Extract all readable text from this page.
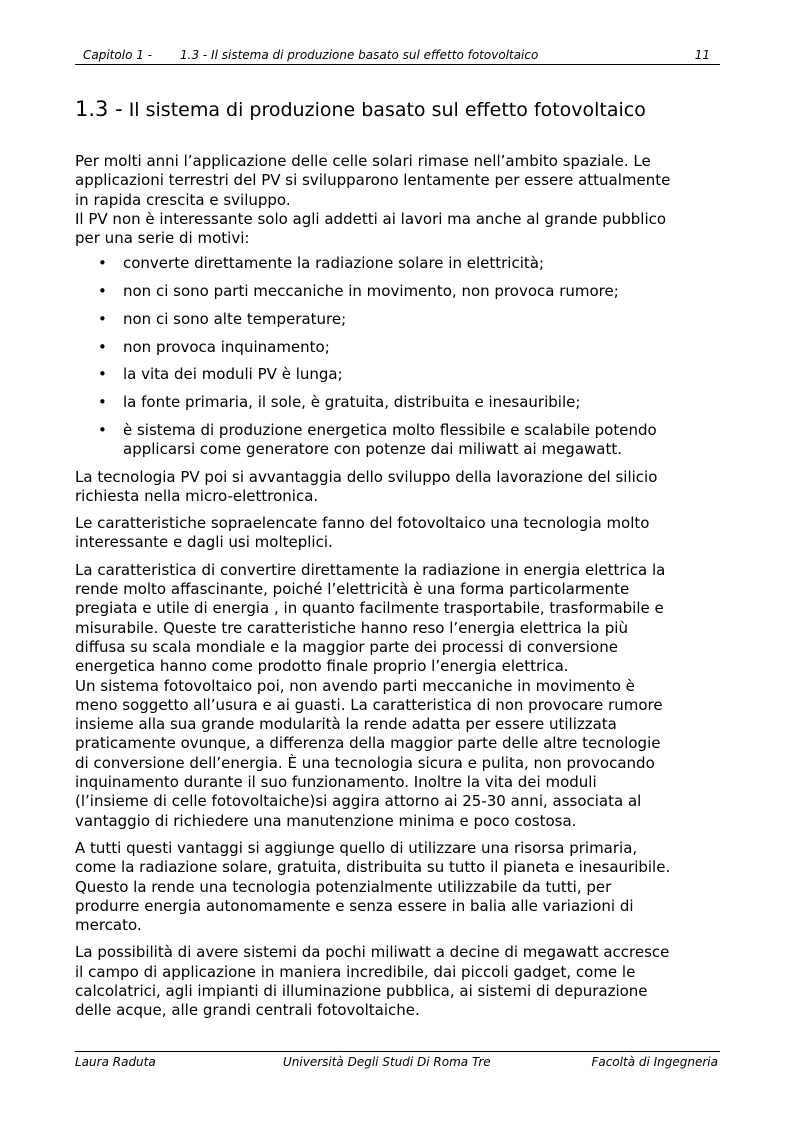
Capitolo 1 - 1.3 - Il sistema di produzione basato sul effetto fotovoltaico	11
1.3 - Il sistema di produzione basato sul effetto fotovoltaico

Per molti anni l’applicazione delle celle solari rimase nell’ambito spaziale. Le
applicazioni terrestri del PV si svilupparono lentamente per essere attualmente
in rapida crescita e sviluppo.
Il PV non è interessante solo agli addetti ai lavori ma anche al grande pubblico
per una serie di motivi:

• converte direttamente la radiazione solare in elettricità;
• non ci sono parti meccaniche in movimento, non provoca rumore;
• non ci sono alte temperature;
• non provoca inquinamento;
• la vita dei moduli PV è lunga;
• la fonte primaria, il sole, è gratuita, distribuita e inesauribile;
• è sistema di produzione energetica molto flessibile e scalabile potendo
applicarsi come generatore con potenze dai miliwatt ai megawatt.

La tecnologia PV poi si avvantaggia dello sviluppo della lavorazione del silicio
richiesta nella micro-elettronica.

Le caratteristiche sopraelencate fanno del fotovoltaico una tecnologia molto
interessante e dagli usi molteplici.

La caratteristica di convertire direttamente la radiazione in energia elettrica la
rende molto affascinante, poiché l’elettricità è una forma particolarmente
pregiata e utile di energia , in quanto facilmente trasportabile, trasformabile e
misurabile. Queste tre caratteristiche hanno reso l’energia elettrica la più
diffusa su scala mondiale e la maggior parte dei processi di conversione
energetica hanno come prodotto finale proprio l’energia elettrica.

Un sistema fotovoltaico poi, non avendo parti meccaniche in movimento è
meno soggetto all’usura e ai guasti. La caratteristica di non provocare rumore
insieme alla sua grande modularità la rende adatta per essere utilizzata
praticamente ovunque, a differenza della maggior parte delle altre tecnologie
di conversione dell’energia. È una tecnologia sicura e pulita, non provocando
inquinamento durante il suo funzionamento. Inoltre la vita dei moduli
(l’insieme di celle fotovoltaiche)si aggira attorno ai 25-30 anni, associata al
vantaggio di richiedere una manutenzione minima e poco costosa.

A tutti questi vantaggi si aggiunge quello di utilizzare una risorsa primaria,
come la radiazione solare, gratuita, distribuita su tutto il pianeta e inesauribile.
Questo la rende una tecnologia potenzialmente utilizzabile da tutti, per
produrre energia autonomamente e senza essere in balia alle variazioni di
mercato.

La possibilità di avere sistemi da pochi miliwatt a decine di megawatt accresce
il campo di applicazione in maniera incredibile, dai piccoli gadget, come le
calcolatrici, agli impianti di illuminazione pubblica, ai sistemi di depurazione
delle acque, alle grandi centrali fotovoltaiche.

Laura Raduta	Università Degli Studi Di Roma Tre	Facoltà di Ingegneria
